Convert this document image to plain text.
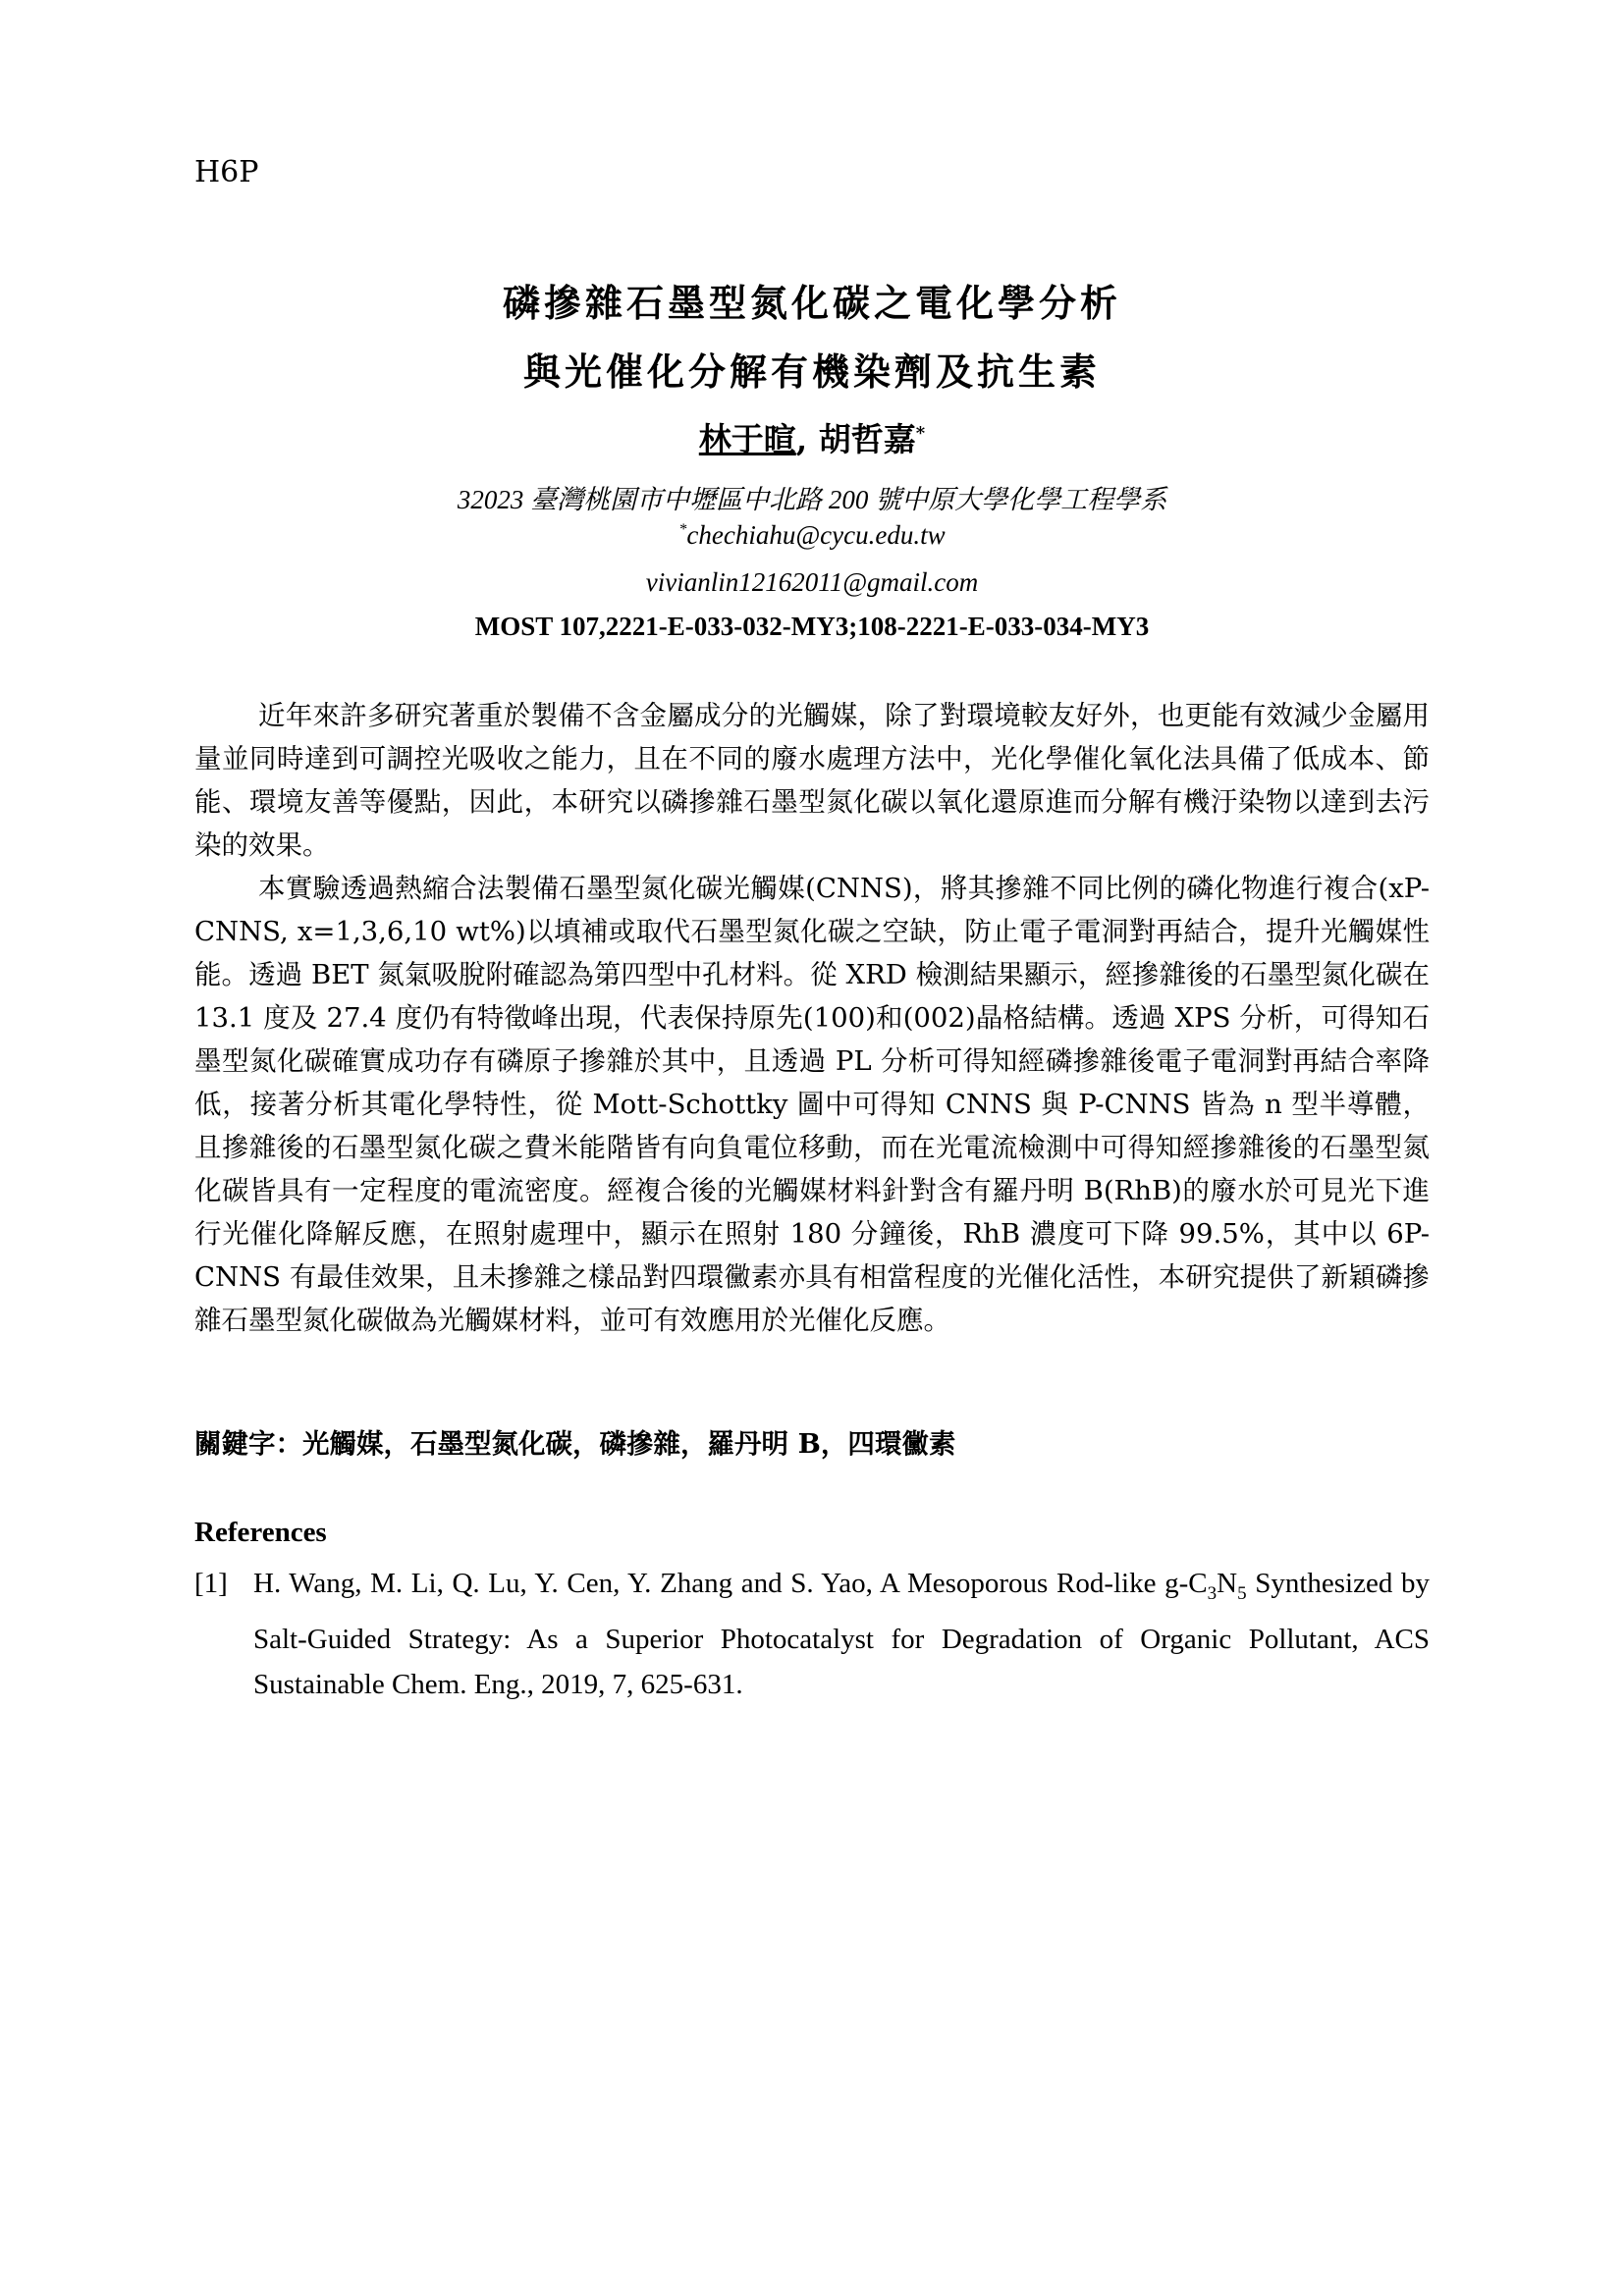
H6P
磷摻雜石墨型氮化碳之電化學分析
與光催化分解有機染劑及抗生素
林于暄, 胡哲嘉*
32023 臺灣桃園市中壢區中北路 200 號中原大學化學工程學系
*chechiahu@cycu.edu.tw
vivianlin12162011@gmail.com
MOST 107,2221-E-033-032-MY3;108-2221-E-033-034-MY3

近年來許多研究著重於製備不含金屬成分的光觸媒，除了對環境較友好外，也更能有效減少金屬用量並同時達到可調控光吸收之能力，且在不同的廢水處理方法中，光化學催化氧化法具備了低成本、節能、環境友善等優點，因此，本研究以磷摻雜石墨型氮化碳以氧化還原進而分解有機汙染物以達到去污染的效果。

本實驗透過熱縮合法製備石墨型氮化碳光觸媒(CNNS)，將其摻雜不同比例的磷化物進行複合(xP-CNNS, x=1,3,6,10 wt%)以填補或取代石墨型氮化碳之空缺，防止電子電洞對再結合，提升光觸媒性能。透過 BET 氮氣吸脫附確認為第四型中孔材料。從 XRD 檢測結果顯示，經摻雜後的石墨型氮化碳在 13.1 度及 27.4 度仍有特徵峰出現，代表保持原先(100)和(002)晶格結構。透過 XPS 分析，可得知石墨型氮化碳確實成功存有磷原子摻雜於其中，且透過 PL 分析可得知經磷摻雜後電子電洞對再結合率降低，接著分析其電化學特性，從 Mott-Schottky 圖中可得知 CNNS 與 P-CNNS 皆為 n 型半導體，且摻雜後的石墨型氮化碳之費米能階皆有向負電位移動，而在光電流檢測中可得知經摻雜後的石墨型氮化碳皆具有一定程度的電流密度。經複合後的光觸媒材料針對含有羅丹明 B(RhB)的廢水於可見光下進行光催化降解反應，在照射處理中，顯示在照射 180 分鐘後，RhB 濃度可下降 99.5%，其中以 6P-CNNS 有最佳效果，且未摻雜之樣品對四環黴素亦具有相當程度的光催化活性，本研究提供了新穎磷摻雜石墨型氮化碳做為光觸媒材料，並可有效應用於光催化反應。

關鍵字：光觸媒，石墨型氮化碳，磷摻雜，羅丹明 B，四環黴素
References
[1] H. Wang, M. Li, Q. Lu, Y. Cen, Y. Zhang and S. Yao, A Mesoporous Rod-like $g-C_3N_5$ Synthesized by Salt-Guided Strategy: As a Superior Photocatalyst for Degradation of Organic Pollutant, ACS Sustainable Chem. Eng., 2019, 7, 625-631.
